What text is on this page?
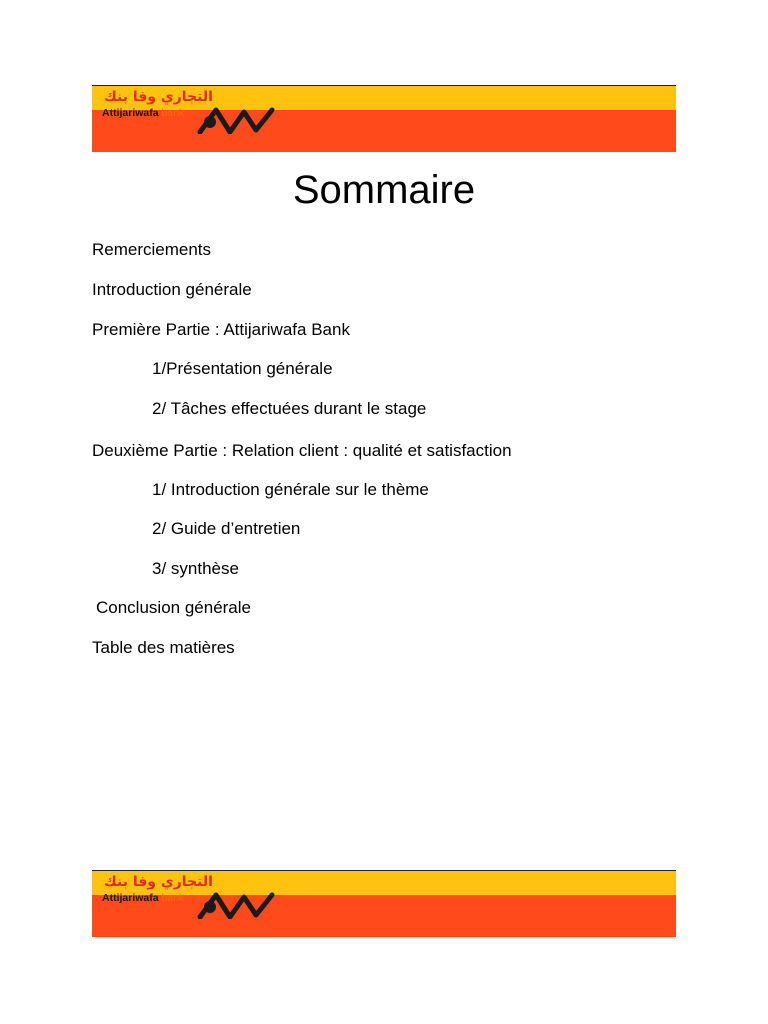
التجاري وفا بنك
Attijariwafa bank
Sommaire
Remerciements
Introduction générale
Première Partie : Attijariwafa Bank
1/Présentation générale
2/ Tâches effectuées durant le stage
Deuxième Partie : Relation client : qualité et satisfaction
1/ Introduction générale sur le thème
2/ Guide d’entretien
3/ synthèse
Conclusion générale
Table des matières
التجاري وفا بنك
Attijariwafa bank
